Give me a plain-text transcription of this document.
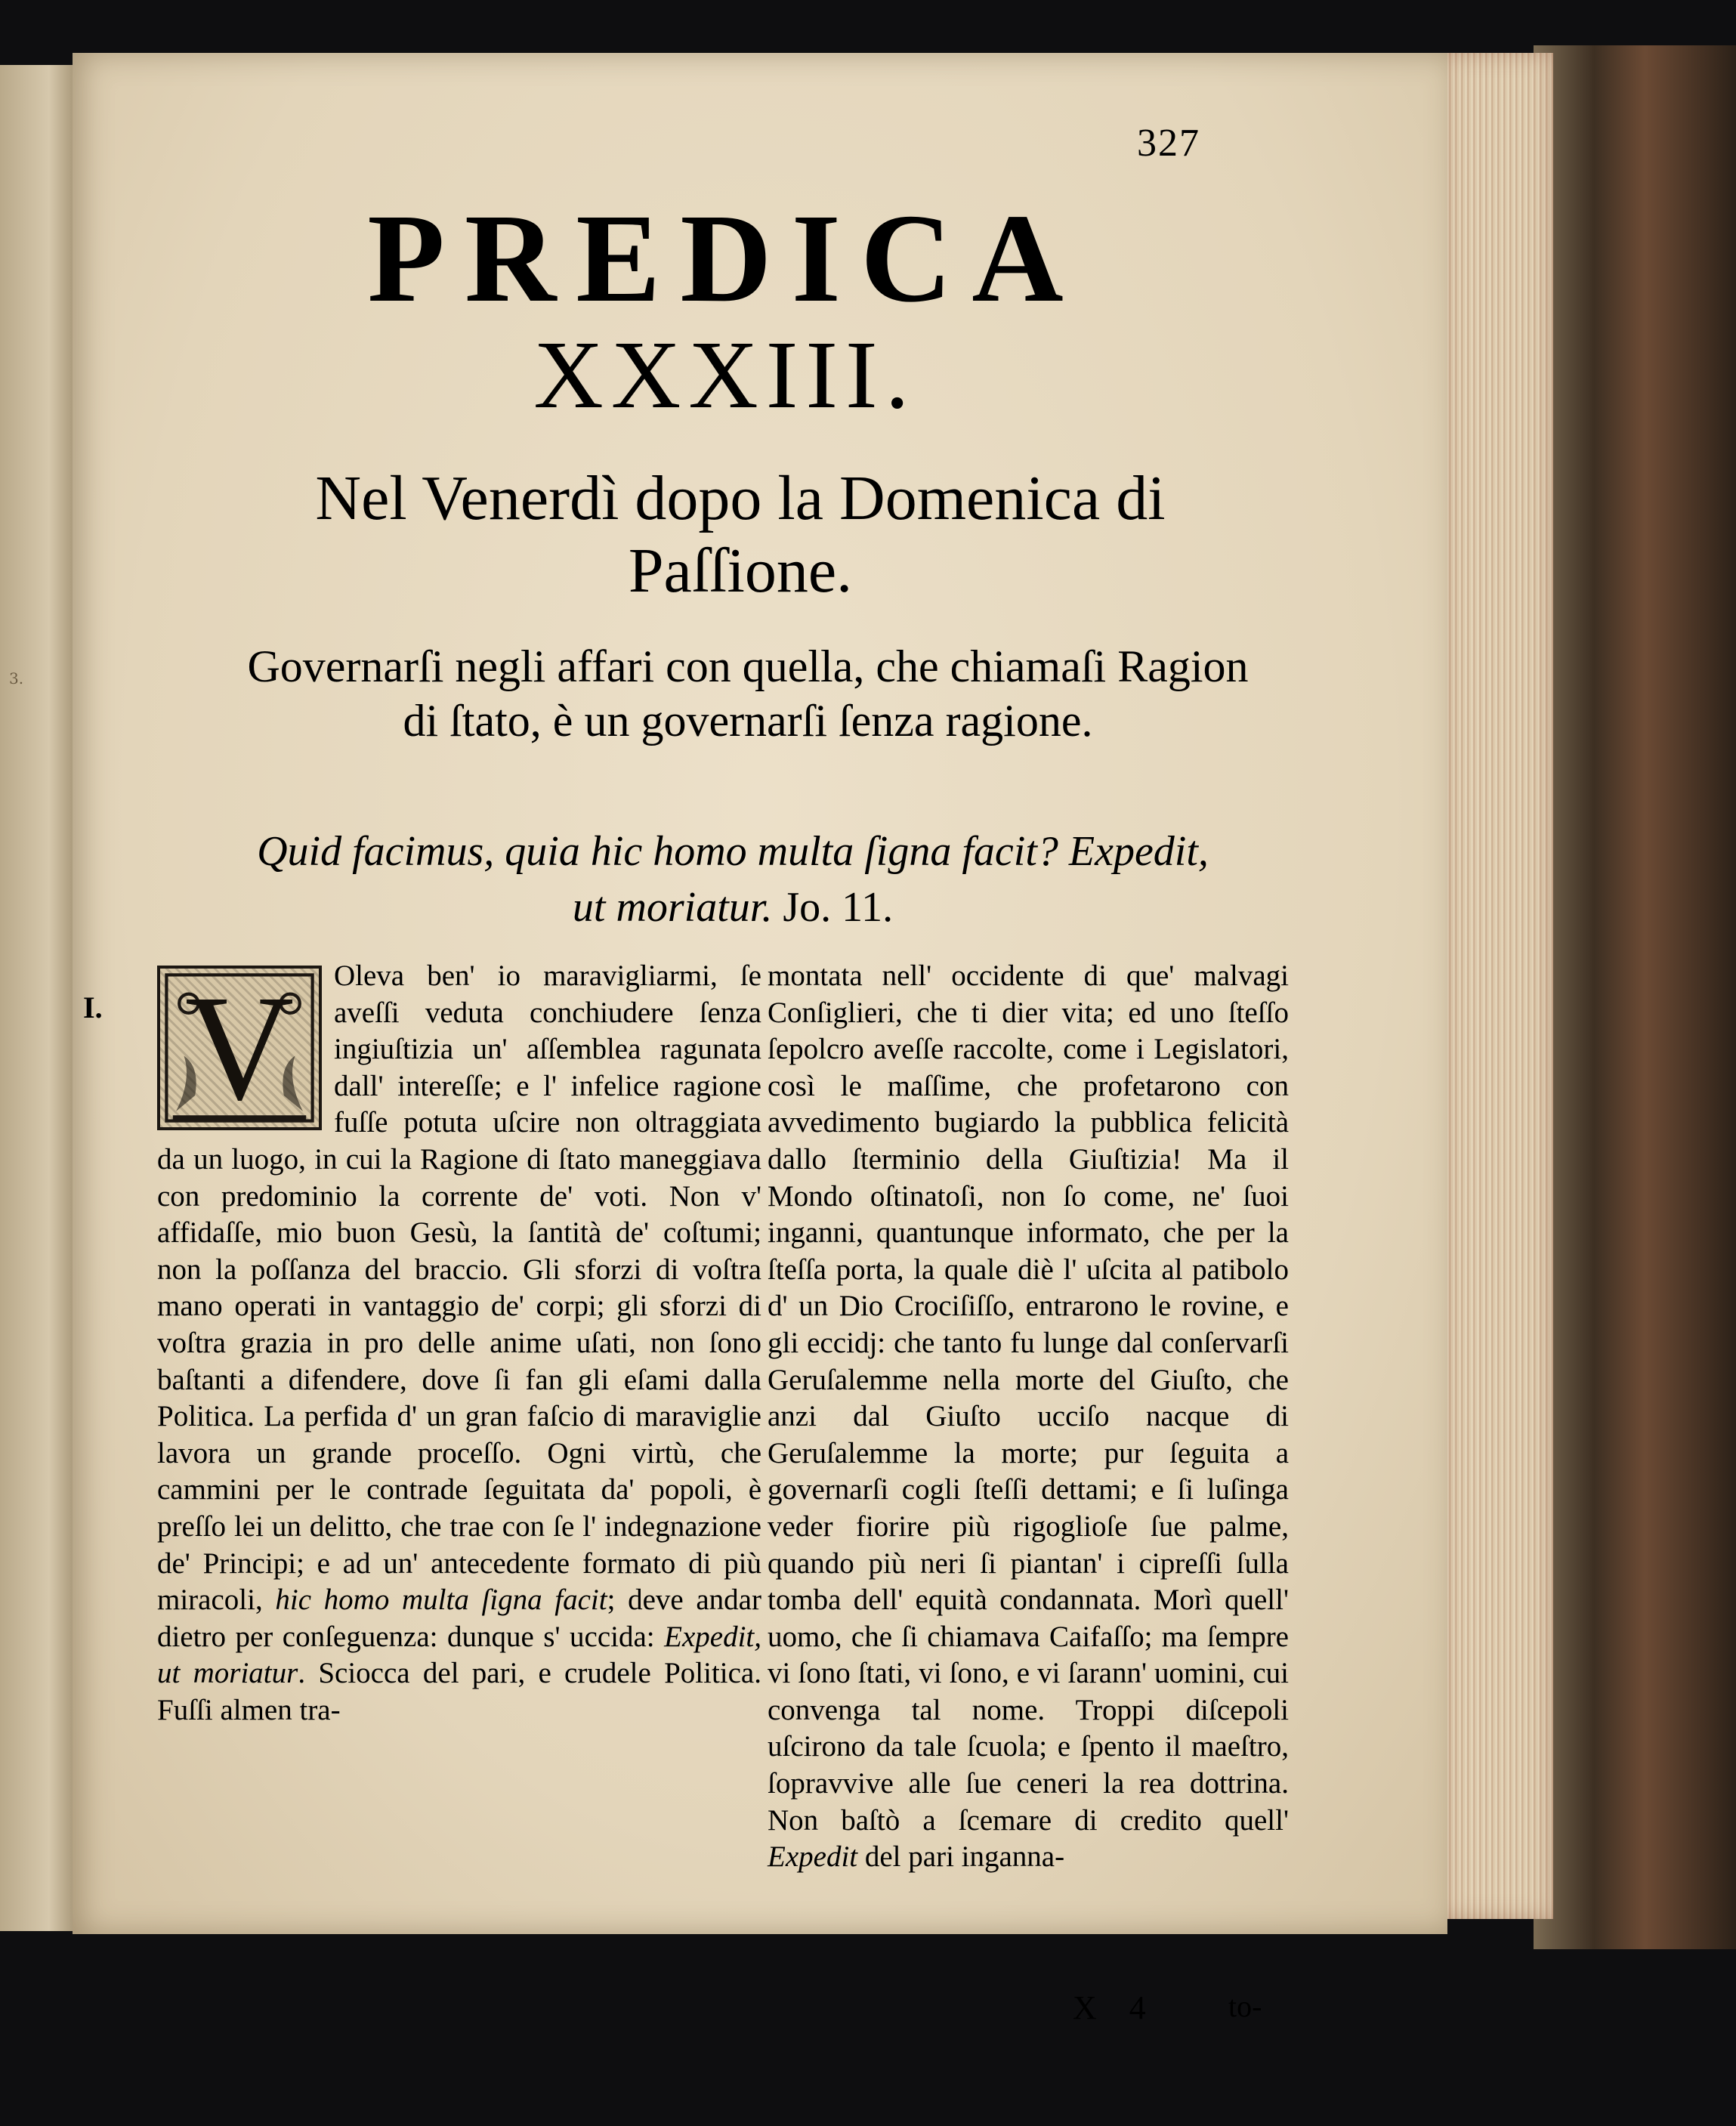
3.
327
PREDICA
XXXIII.
Nel Venerdì dopo la Domenica di Paſſione.
Governarſi negli affari con quella, che chiamaſi Ragion di ſtato, è un governarſi ſenza ragione.
Quid facimus, quia hic homo multa ſigna facit? Expedit, ut moriatur. Jo. 11.
I. V	Oleva ben' io maravigliarmi, ſe aveſſi veduta conchiudere ſenza ingiuſtizia un' aſſemblea ragunata dall' intereſſe; e l' infelice ragione fuſſe potuta uſcire non oltraggiata da un luogo, in cui la Ragione di ſtato maneggiava con predominio la corrente de' voti. Non v' affidaſſe, mio buon Gesù, la ſantità de' coſtumi; non la poſſanza del braccio. Gli sforzi di voſtra mano operati in vantaggio de' corpi; gli sforzi di voſtra grazia in pro delle anime uſati, non ſono baſtanti a difendere, dove ſi fan gli eſami dalla Politica. La perfida d' un gran faſcio di maraviglie lavora un grande proceſſo. Ogni virtù, che cammini per le contrade ſeguitata da' popoli, è preſſo lei un delitto, che trae con ſe l' indegnazione de' Principi; e ad un' antecedente formato di più miracoli, hic homo multa ſigna facit; deve andar dietro per conſeguenza: dunque s' uccida: Expedit, ut moriatur. Sciocca del pari, e crudele Politica. Fuſſi almen tra-

montata nell' occidente di que' malvagi Conſiglieri, che ti dier vita; ed uno ſteſſo ſepolcro aveſſe raccolte, come i Legislatori, così le maſſime, che profetarono con avvedimento bugiardo la pubblica felicità dallo ſterminio della Giuſtizia! Ma il Mondo oſtinatoſi, non ſo come, ne' ſuoi inganni, quantunque informato, che per la ſteſſa porta, la quale diè l' uſcita al patibolo d' un Dio Crociſiſſo, entrarono le rovine, e gli eccidj: che tanto fu lunge dal conſervarſi Geruſalemme nella morte del Giuſto, che anzi dal Giuſto ucciſo nacque di Geruſalemme la morte; pur ſeguita a governarſi cogli ſteſſi dettami; e ſi luſinga veder fiorire più rigoglioſe ſue palme, quando più neri ſi piantan' i cipreſſi ſulla tomba dell' equità condannata. Morì quell' uomo, che ſi chiamava Caifaſſo; ma ſempre vi ſono ſtati, vi ſono, e vi ſarann' uomini, cui convenga tal nome. Troppi diſcepoli uſcirono da tale ſcuola; e ſpento il maeſtro, ſopravvive alle ſue ceneri la rea dottrina. Non baſtò a ſcemare di credito quell' Expedit del pari inganna-

X 4 to-
